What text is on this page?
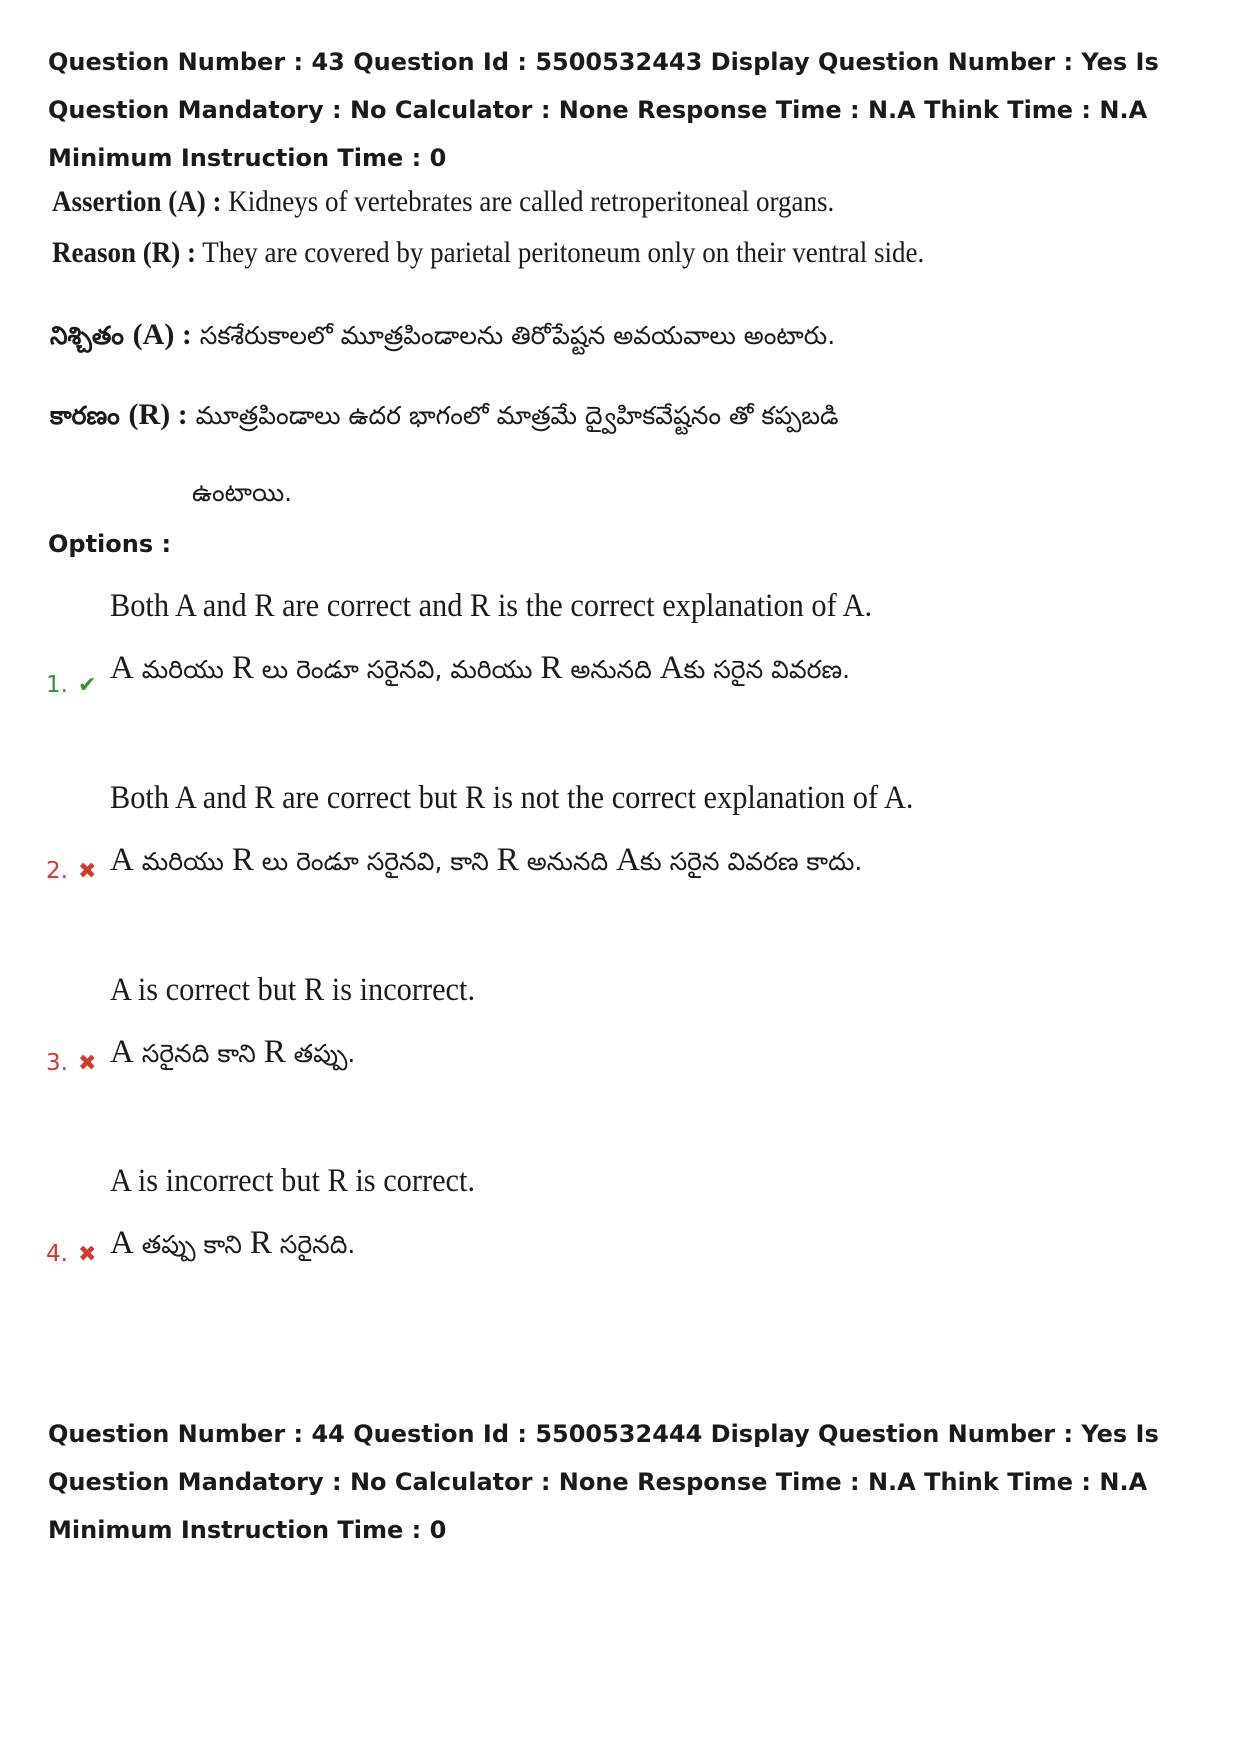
Question Number : 43 Question Id : 5500532443 Display Question Number : Yes Is Question Mandatory : No Calculator : None Response Time : N.A Think Time : N.A Minimum Instruction Time : 0

Assertion (A) : Kidneys of vertebrates are called retroperitoneal organs.

Reason (R) : They are covered by parietal peritoneum only on their ventral side.

నిశ్చితం (A) : సకశేరుకాలలో మూత్రపిండాలను తిరోపేష్టన అవయవాలు అంటారు.

కారణం (R) : మూత్రపిండాలు ఉదర భాగంలో మాత్రమే ద్వైహికవేష్టనం తో కప్పబడి

ఉంటాయి.

Options :

Both A and R are correct and R is the correct explanation of A.

A మరియు R లు రెండూ సరైనవి, మరియు R అనునది Aకు సరైన వివరణ.

1. ✔

Both A and R are correct but R is not the correct explanation of A.

A మరియు R లు రెండూ సరైనవి, కాని R అనునది Aకు సరైన వివరణ కాదు.

2. ✖

A is correct but R is incorrect.

A సరైనది కాని R తప్పు.

3. ✖

A is incorrect but R is correct.

A తప్పు కాని R సరైనది.

4. ✖

Question Number : 44 Question Id : 5500532444 Display Question Number : Yes Is Question Mandatory : No Calculator : None Response Time : N.A Think Time : N.A Minimum Instruction Time : 0
